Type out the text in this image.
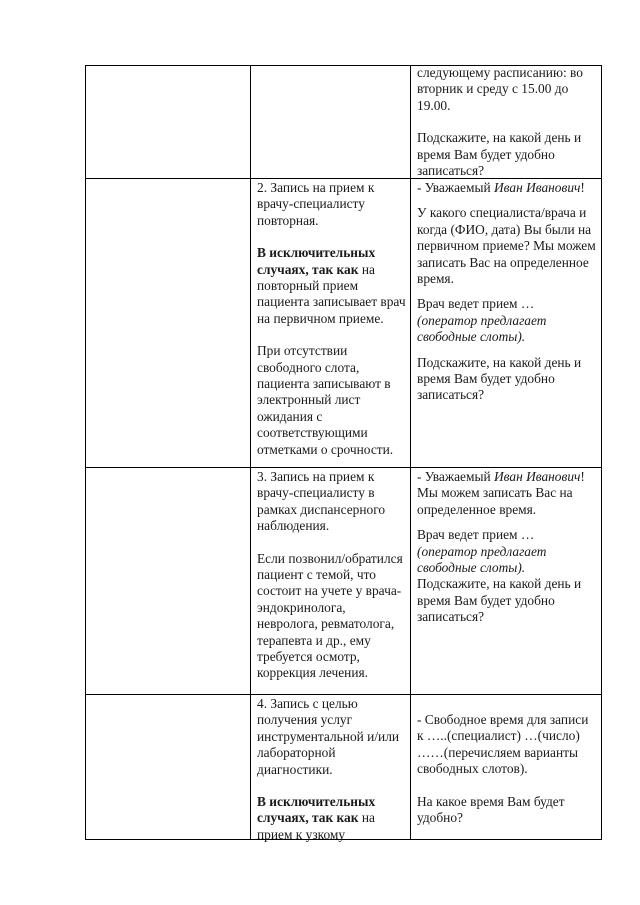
следующему расписанию: во вторник и среду с 15.00 до 19.00.

Подскажите, на какой день и время Вам будет удобно записаться?

2. Запись на прием к врачу-специалисту повторная.

В исключительных случаях, так как на повторный прием пациента записывает врач на первичном приеме.

При отсутствии свободного слота, пациента записывают в электронный лист ожидания с соответствующими отметками о срочности.

- Уважаемый Иван Иванович!

У какого специалиста/врача и когда (ФИО, дата) Вы были на первичном приеме? Мы можем записать Вас на определенное время.

Врач ведет прием …

(оператор предлагает свободные слоты).

Подскажите, на какой день и время Вам будет удобно записаться?

3. Запись на прием к врачу-специалисту в рамках диспансерного наблюдения.

Если позвонил/обратился пациент с темой, что состоит на учете у врача-эндокринолога, невролога, ревматолога, терапевта и др., ему требуется осмотр, коррекция лечения.

- Уважаемый Иван Иванович!

Мы можем записать Вас на определенное время.

Врач ведет прием …

(оператор предлагает свободные слоты).

Подскажите, на какой день и время Вам будет удобно записаться?

4. Запись с целью получения услуг инструментальной и/или лабораторной диагностики.

В исключительных случаях, так как на прием к узкому

- Свободное время для записи к …..(специалист) …(число) ……(перечисляем варианты свободных слотов).

На какое время Вам будет удобно?
